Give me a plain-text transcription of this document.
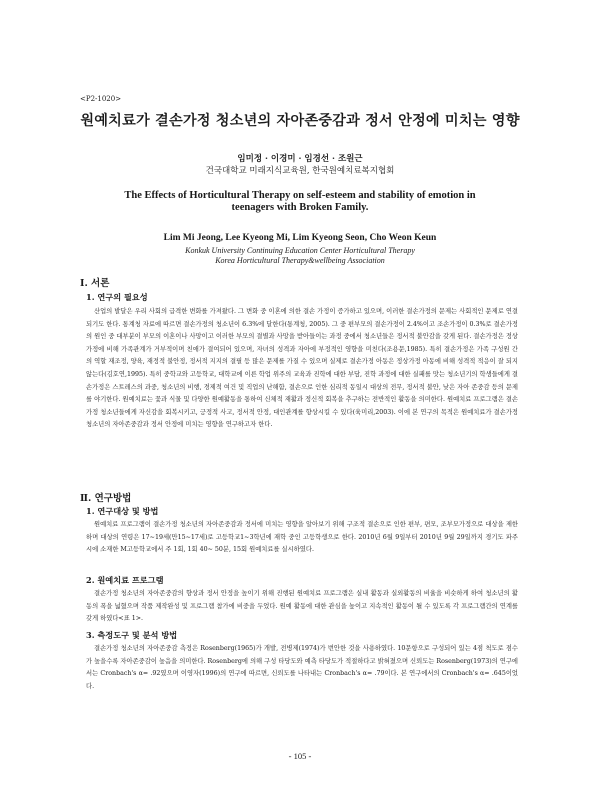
<P2-1020>
원예치료가 결손가정 청소년의 자아존중감과 정서 안정에 미치는 영향
임미정 · 이경미 · 임경선 · 조원근
건국대학교 미래지식교육원, 한국원예치료복지협회
The Effects of Horticultural Therapy on self-esteem and stability of emotion in
teenagers with Broken Family.
Lim Mi Jeong, Lee Kyeong Mi, Lim Kyeong Seon, Cho Weon Keun
Konkuk University Continuing Education Center Horticultural Therapy
Korea Horticultural Therapy&wellbeing Association
Ⅰ. 서론
1. 연구의 필요성

산업의 발달은 우리 사회의 급격한 변화를 가져왔다. 그 변화 중 이혼에 의한 결손 가정이 증가하고 있으며, 이러한 결손가정의 문제는 사회적인 문제로 연결되기도 한다. 통계청 자료에 따르면 결손가정의 청소년이 6.3%에 달한다(통계청, 2005). 그 중 편부모의 결손가정이 2.4%이고 조손가정이 0.3%로 결손가정의 원인 중 대부분이 부모의 이혼이나 사망이고 이러한 부모의 결별과 사망을 받아들이는 과정 중에서 청소년들은 정서적 불안감을 갖게 된다. 결손가정은 정상 가정에 비해 가족관계가 거부적이며 친애가 결여되어 있으며, 자녀의 성격과 자아에 부정적인 영향을 미친다(조용문,1985). 특히 결손가정은 가족 구성원 간의 역할 재조정, 양육, 재정적 불안정, 정서적 지지의 결필 등 많은 문제를 가질 수 있으며 실제로 결손가정 아동은 정상가정 아동에 비해 성격적 적응이 잘 되지 않는다(김호연,1995). 특히 중학교와 고등학교, 대학교에 이른 학업 위주의 교육과 진학에 대한 부담, 진학 과정에 대한 실패를 맛는 청소년기의 학생들에게 결손가정은 스트레스의 과중, 청소년의 비행, 경제적 여건 및 직업의 난해함, 결손으로 인한 심리적 동일시 대상의 전무, 정서적 불안, 낮은 자아 존중감 등의 문제를 야기한다. 원예치료는 꽃과 식물 및 다양한 원예활동을 통하여 신체적 재활과 정신적 회복을 추구하는 전반적인 활동을 의미한다. 원예치료 프로그램은 결손가정 청소년들에게 자신감을 회복시키고, 긍정적 사고, 정서적 안정, 대인관계를 향상시킬 수 있다(육미리,2003). 이에 본 연구의 목적은 원예치료가 결손가정 청소년의 자아존중감과 정서 안정에 미치는 영향을 연구하고자 한다.

Ⅱ. 연구방법
1. 연구대상 및 방법

원예치료 프로그램이 결손가정 청소년의 자아존중감과 정서에 미치는 영향을 알아보기 위해 구조적 결손으로 인한 편부, 편모, 조부모가정으로 대상을 제한하며 대상의 연령은 17~19세(만15~17세)로 고등학교1~3학년에 재학 중인 고등학생으로 한다. 2010년 6월 9일부터 2010년 9월 29일까지 경기도 파주시에 소재한 M고등학교에서 주 1회, 1회 40~ 50분, 15회 원예치료를 실시하였다.

2. 원예치료 프로그램

결손가정 청소년의 자아존중감의 향상과 정서 안정을 높이기 위해 진행된 원예치료 프로그램은 실내 활동과 실외활동의 비율을 비슷하게 하여 청소년의 활동의 폭을 넓혔으며 작품 제작완성 및 프로그램 참가에 비중을 두었다. 원예 활동에 대한 관심을 높이고 지속적인 활동이 될 수 있도록 각 프로그램간의 연계를 갖게 하였다<표 1>.

3. 측정도구 및 분석 방법

결손가정 청소년의 자아존중감 측정은 Rosenberg(1965)가 개발, 전병제(1974)가 번안한 것을 사용하였다. 10문항으로 구성되어 있는 4점 척도로 점수가 높을수록 자아존중감이 높음을 의미한다. Rosenberg에 의해 구성 타당도와 예측 타당도가 적절하다고 밝혀졌으며 신뢰도는 Rosenberg(1973)의 연구에서는 Cronbach's α= .92였으며 이영자(1996)의 연구에 따르면, 신뢰도를 나타내는 Cronbach's α= .79이다. 본 연구에서의 Cronbach's α= .645이었다.

- 105 -
